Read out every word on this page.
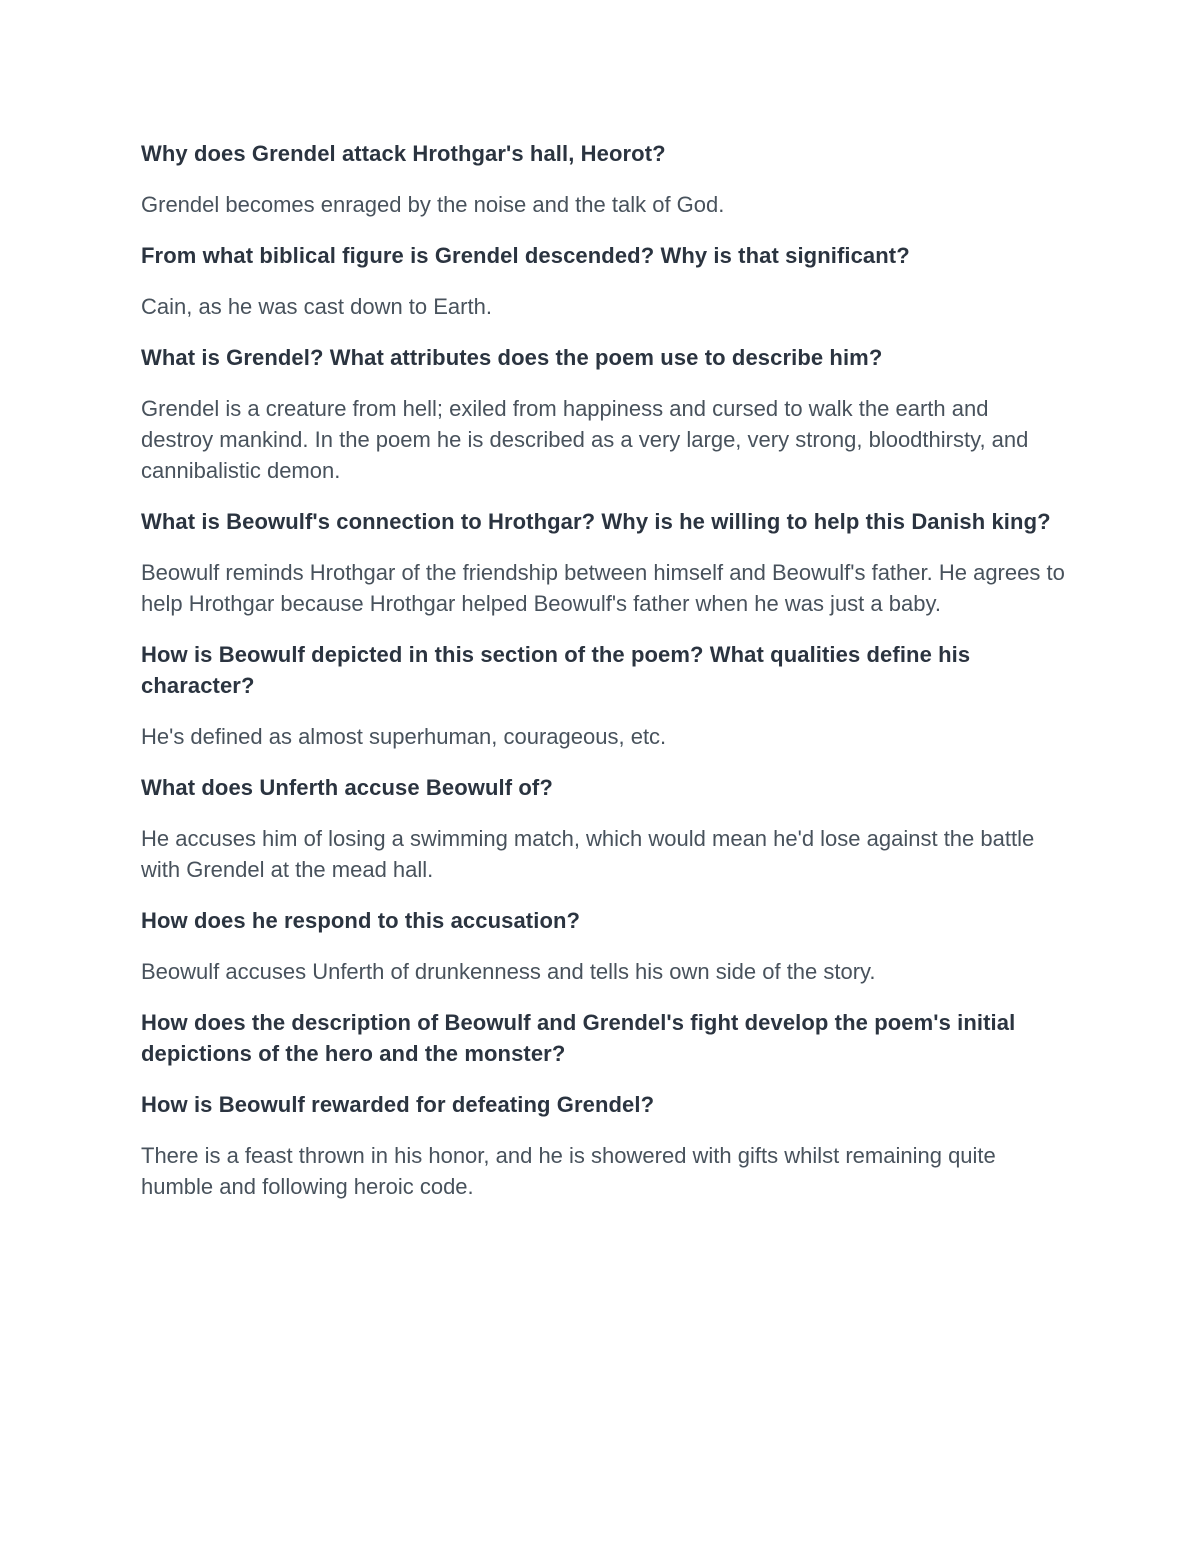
Why does Grendel attack Hrothgar's hall, Heorot?

Grendel becomes enraged by the noise and the talk of God.

From what biblical figure is Grendel descended? Why is that significant?

Cain, as he was cast down to Earth.

What is Grendel? What attributes does the poem use to describe him?

Grendel is a creature from hell; exiled from happiness and cursed to walk the earth and destroy mankind. In the poem he is described as a very large, very strong, bloodthirsty, and cannibalistic demon.

What is Beowulf's connection to Hrothgar? Why is he willing to help this Danish king?

Beowulf reminds Hrothgar of the friendship between himself and Beowulf's father. He agrees to help Hrothgar because Hrothgar helped Beowulf's father when he was just a baby.

How is Beowulf depicted in this section of the poem? What qualities define his character?

He's defined as almost superhuman, courageous, etc.

What does Unferth accuse Beowulf of?

He accuses him of losing a swimming match, which would mean he'd lose against the battle with Grendel at the mead hall.

How does he respond to this accusation?

Beowulf accuses Unferth of drunkenness and tells his own side of the story.

How does the description of Beowulf and Grendel's fight develop the poem's initial depictions of the hero and the monster?

How is Beowulf rewarded for defeating Grendel?

There is a feast thrown in his honor, and he is showered with gifts whilst remaining quite humble and following heroic code.
